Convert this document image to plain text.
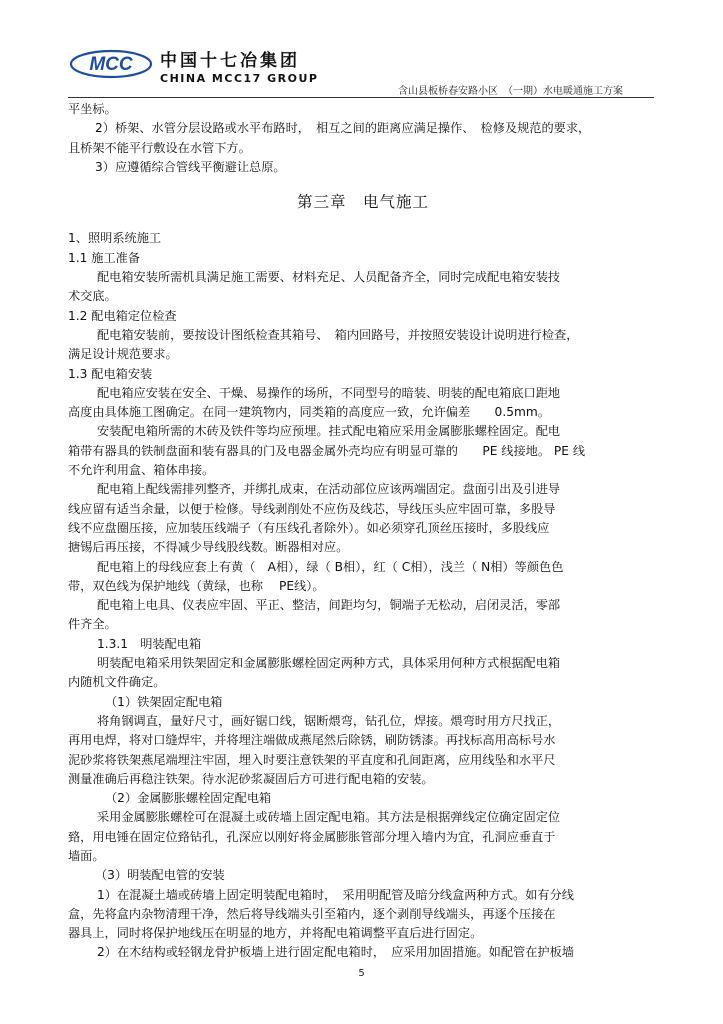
MCC 中国十七冶集团
CHINA MCC17 GROUP
含山县板桥春安路小区　（一期）水电暖通施工方案

平坐标。

2）桥架、水管分层设路或水平布路时，　相互之间的距离应满足操作、　检修及规范的要求，

且桥架不能平行敷设在水管下方。

3）应遵循综合管线平衡避让总原。

第三章　电气施工

1、照明系统施工

1.1 施工准备

配电箱安装所需机具满足施工需要、材料充足、人员配备齐全，同时完成配电箱安装技

术交底。

1.2 配电箱定位检查

配电箱安装前，要按设计图纸检查其箱号、　箱内回路号，并按照安装设计说明进行检查，

满足设计规范要求。

1.3 配电箱安装

配电箱应安装在安全、干燥、易操作的场所，不同型号的暗装、明装的配电箱底口距地

高度由具体施工图确定。在同一建筑物内，同类箱的高度应一致，允许偏差　　0.5mm。

安装配电箱所需的木砖及铁件等均应预埋。挂式配电箱应采用金属膨胀螺栓固定。配电

箱带有器具的铁制盘面和装有器具的门及电器金属外壳均应有明显可靠的　　PE 线接地。 PE 线

不允许利用盒、箱体串接。

配电箱上配线需排列整齐，并绑扎成束，在活动部位应该两端固定。盘面引出及引进导

线应留有适当余量，以便于检修。导线剥削处不应伤及线芯，导线压头应牢固可靠，多股导

线不应盘圈压接，应加装压线端子（有压线孔者除外）。如必须穿孔顶丝压接时，多股线应

搪锡后再压接，不得减少导线股线数。断器相对应。

配电箱上的母线应套上有黄（　A相），绿（ B相），红（ C相），浅兰（ N相）等颜色色

带，双色线为保护地线（黄绿，也称　 PE线）。

配电箱上电具、仪表应牢固、平正、整洁，间距均匀，铜端子无松动，启闭灵活，零部

件齐全。

1.3.1　明装配电箱

明装配电箱采用铁架固定和金属膨胀螺栓固定两种方式，具体采用何种方式根据配电箱

内随机文件确定。

（1）铁架固定配电箱

将角钢调直，量好尺寸，画好锯口线，锯断煨弯，钻孔位，焊接。煨弯时用方尺找正，

再用电焊，将对口缝焊牢，并将埋注端做成燕尾然后除锈，刷防锈漆。再找标高用高标号水

泥砂浆将铁架燕尾端埋注牢固，埋入时要注意铁架的平直度和孔间距离，应用线坠和水平尺

测量准确后再稳注铁架。待水泥砂浆凝固后方可进行配电箱的安装。

（2）金属膨胀螺栓固定配电箱

采用金属膨胀螺栓可在混凝土或砖墙上固定配电箱。其方法是根据弹线定位确定固定位

臵，用电锤在固定位臵钻孔，孔深应以刚好将金属膨胀管部分埋入墙内为宜，孔洞应垂直于

墙面。

（3）明装配电管的安装

1）在混凝土墙或砖墙上固定明装配电箱时，　采用明配管及暗分线盒两种方式。如有分线

盒，先将盒内杂物清理干净，然后将导线端头引至箱内，逐个剥削导线端头，再逐个压接在

器具上，同时将保护地线压在明显的地方，并将配电箱调整平直后进行固定。

2）在木结构或轻钢龙骨护板墙上进行固定配电箱时，　应采用加固措施。如配管在护板墙

5
